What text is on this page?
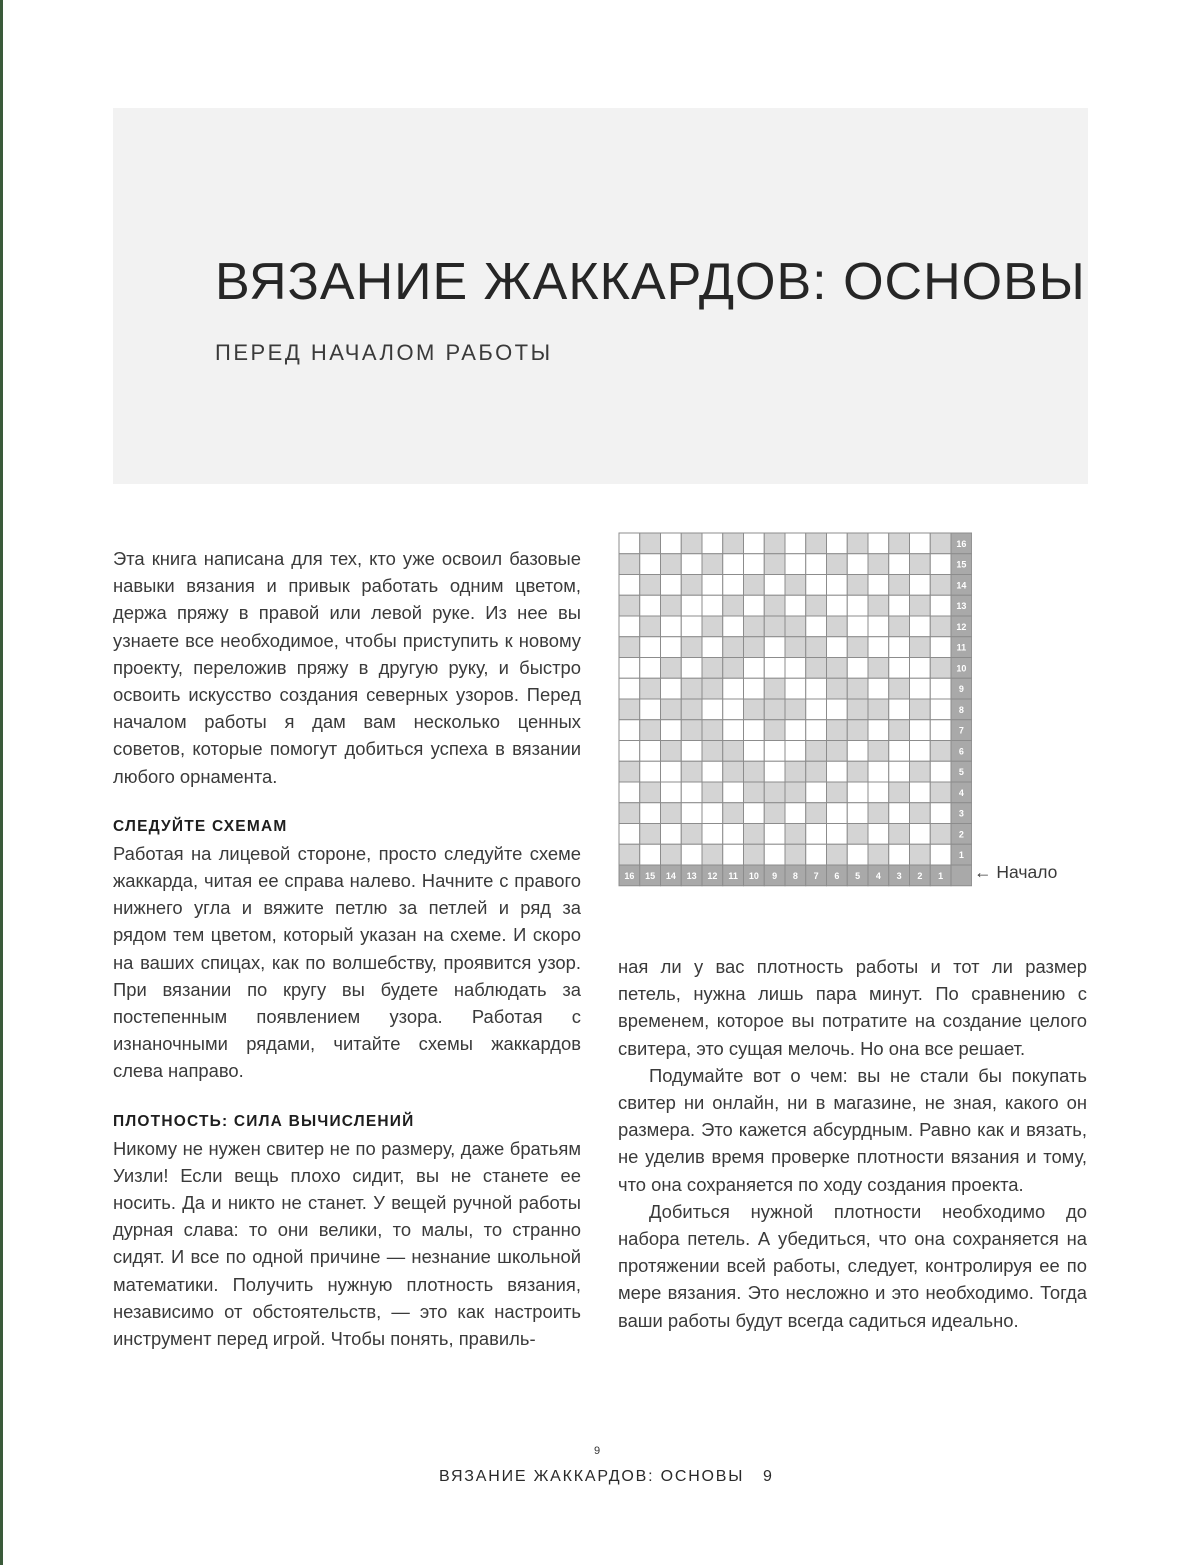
ВЯЗАНИЕ ЖАККАРДОВ: ОСНОВЫ
ПЕРЕД НАЧАЛОМ РАБОТЫ

Эта книга написана для тех, кто уже освоил базовые навыки вязания и привык работать одним цветом, держа пряжу в правой или левой руке. Из нее вы узнаете все необходимое, чтобы приступить к новому проекту, переложив пряжу в другую руку, и быстро освоить искусство создания северных узоров. Перед началом работы я дам вам несколько ценных советов, которые помогут добиться успеха в вязании любого орнамента.

СЛЕДУЙТЕ СХЕМАМ

Работая на лицевой стороне, просто следуйте схеме жаккарда, читая ее справа налево. Начните с правого нижнего угла и вяжите петлю за петлей и ряд за рядом тем цветом, который указан на схеме. И скоро на ваших спицах, как по волшебству, проявится узор. При вязании по кругу вы будете наблюдать за постепенным появлением узора. Работая с изнаночными рядами, читайте схемы жаккардов слева направо.

ПЛОТНОСТЬ: СИЛА ВЫЧИСЛЕНИЙ

Никому не нужен свитер не по размеру, даже братьям Уизли! Если вещь плохо сидит, вы не станете ее носить. Да и никто не станет. У вещей ручной работы дурная слава: то они велики, то малы, то странно сидят. И все по одной причине — незнание школьной математики. Получить нужную плотность вязания, независимо от обстоятельств, — это как настроить инструмент перед игрой. Чтобы понять, правиль-

16
15
14
13
12
11
10
9
8
7
6
5
4
3
2
1
16 15 14 13 12 11 10 9 8 7 6 5 4 3 2 1 ← Начало

ная ли у вас плотность работы и тот ли размер петель, нужна лишь пара минут. По сравнению с временем, которое вы потратите на создание целого свитера, это сущая мелочь. Но она все решает.

Подумайте вот о чем: вы не стали бы покупать свитер ни онлайн, ни в магазине, не зная, какого он размера. Это кажется абсурдным. Равно как и вязать, не уделив время проверке плотности вязания и тому, что она сохраняется по ходу создания проекта.

Добиться нужной плотности необходимо до набора петель. А убедиться, что она сохраняется на протяжении всей работы, следует, контролируя ее по мере вязания. Это несложно и это необходимо. Тогда ваши работы будут всегда садиться идеально.

9
ВЯЗАНИЕ ЖАККАРДОВ: ОСНОВЫ 9
